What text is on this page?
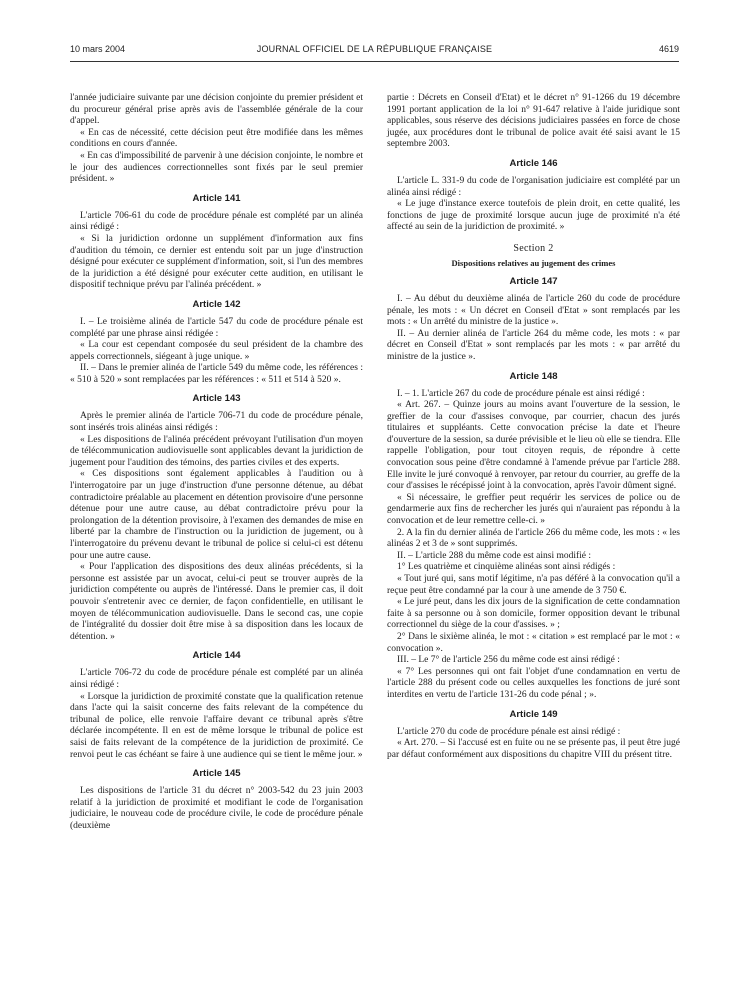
10 mars 2004	JOURNAL OFFICIEL DE LA RÉPUBLIQUE FRANÇAISE	4619

l'année judiciaire suivante par une décision conjointe du premier président et du procureur général prise après avis de l'assemblée générale de la cour d'appel.

« En cas de nécessité, cette décision peut être modifiée dans les mêmes conditions en cours d'année.

« En cas d'impossibilité de parvenir à une décision conjointe, le nombre et le jour des audiences correctionnelles sont fixés par le seul premier président. »

Article 141

L'article 706-61 du code de procédure pénale est complété par un alinéa ainsi rédigé :

« Si la juridiction ordonne un supplément d'information aux fins d'audition du témoin, ce dernier est entendu soit par un juge d'instruction désigné pour exécuter ce supplément d'information, soit, si l'un des membres de la juridiction a été désigné pour exécuter cette audition, en utilisant le dispositif technique prévu par l'alinéa précédent. »

Article 142

I. – Le troisième alinéa de l'article 547 du code de procédure pénale est complété par une phrase ainsi rédigée :

« La cour est cependant composée du seul président de la chambre des appels correctionnels, siégeant à juge unique. »

II. – Dans le premier alinéa de l'article 549 du même code, les références : « 510 à 520 » sont remplacées par les références : « 511 et 514 à 520 ».

Article 143

Après le premier alinéa de l'article 706-71 du code de procédure pénale, sont insérés trois alinéas ainsi rédigés :

« Les dispositions de l'alinéa précédent prévoyant l'utilisation d'un moyen de télécommunication audiovisuelle sont applicables devant la juridiction de jugement pour l'audition des témoins, des parties civiles et des experts.

« Ces dispositions sont également applicables à l'audition ou à l'interrogatoire par un juge d'instruction d'une personne détenue, au débat contradictoire préalable au placement en détention provisoire d'une personne détenue pour une autre cause, au débat contradictoire prévu pour la prolongation de la détention provisoire, à l'examen des demandes de mise en liberté par la chambre de l'instruction ou la juridiction de jugement, ou à l'interrogatoire du prévenu devant le tribunal de police si celui-ci est détenu pour une autre cause.

« Pour l'application des dispositions des deux alinéas précédents, si la personne est assistée par un avocat, celui-ci peut se trouver auprès de la juridiction compétente ou auprès de l'intéressé. Dans le premier cas, il doit pouvoir s'entretenir avec ce dernier, de façon confidentielle, en utilisant le moyen de télécommunication audiovisuelle. Dans le second cas, une copie de l'intégralité du dossier doit être mise à sa disposition dans les locaux de détention. »

Article 144

L'article 706-72 du code de procédure pénale est complété par un alinéa ainsi rédigé :

« Lorsque la juridiction de proximité constate que la qualification retenue dans l'acte qui la saisit concerne des faits relevant de la compétence du tribunal de police, elle renvoie l'affaire devant ce tribunal après s'être déclarée incompétente. Il en est de même lorsque le tribunal de police est saisi de faits relevant de la compétence de la juridiction de proximité. Ce renvoi peut le cas échéant se faire à une audience qui se tient le même jour. »

Article 145

Les dispositions de l'article 31 du décret n° 2003-542 du 23 juin 2003 relatif à la juridiction de proximité et modifiant le code de l'organisation judiciaire, le nouveau code de procédure civile, le code de procédure pénale (deuxième

partie : Décrets en Conseil d'Etat) et le décret n° 91-1266 du 19 décembre 1991 portant application de la loi n° 91-647 relative à l'aide juridique sont applicables, sous réserve des décisions judiciaires passées en force de chose jugée, aux procédures dont le tribunal de police avait été saisi avant le 15 septembre 2003.

Article 146

L'article L. 331-9 du code de l'organisation judiciaire est complété par un alinéa ainsi rédigé :

« Le juge d'instance exerce toutefois de plein droit, en cette qualité, les fonctions de juge de proximité lorsque aucun juge de proximité n'a été affecté au sein de la juridiction de proximité. »

Section 2
Dispositions relatives au jugement des crimes
Article 147

I. – Au début du deuxième alinéa de l'article 260 du code de procédure pénale, les mots : « Un décret en Conseil d'Etat » sont remplacés par les mots : « Un arrêté du ministre de la justice ».

II. – Au dernier alinéa de l'article 264 du même code, les mots : « par décret en Conseil d'Etat » sont remplacés par les mots : « par arrêté du ministre de la justice ».

Article 148

I. – 1. L'article 267 du code de procédure pénale est ainsi rédigé :

« Art. 267. – Quinze jours au moins avant l'ouverture de la session, le greffier de la cour d'assises convoque, par courrier, chacun des jurés titulaires et suppléants. Cette convocation précise la date et l'heure d'ouverture de la session, sa durée prévisible et le lieu où elle se tiendra. Elle rappelle l'obligation, pour tout citoyen requis, de répondre à cette convocation sous peine d'être condamné à l'amende prévue par l'article 288. Elle invite le juré convoqué à renvoyer, par retour du courrier, au greffe de la cour d'assises le récépissé joint à la convocation, après l'avoir dûment signé.

« Si nécessaire, le greffier peut requérir les services de police ou de gendarmerie aux fins de rechercher les jurés qui n'auraient pas répondu à la convocation et de leur remettre celle-ci. »

2. A la fin du dernier alinéa de l'article 266 du même code, les mots : « les alinéas 2 et 3 de » sont supprimés.

II. – L'article 288 du même code est ainsi modifié :

1° Les quatrième et cinquième alinéas sont ainsi rédigés :

« Tout juré qui, sans motif légitime, n'a pas déféré à la convocation qu'il a reçue peut être condamné par la cour à une amende de 3 750 €.

« Le juré peut, dans les dix jours de la signification de cette condamnation faite à sa personne ou à son domicile, former opposition devant le tribunal correctionnel du siège de la cour d'assises. » ;

2° Dans le sixième alinéa, le mot : « citation » est remplacé par le mot : « convocation ».

III. – Le 7° de l'article 256 du même code est ainsi rédigé :

« 7° Les personnes qui ont fait l'objet d'une condamnation en vertu de l'article 288 du présent code ou celles auxquelles les fonctions de juré sont interdites en vertu de l'article 131-26 du code pénal ; ».

Article 149

L'article 270 du code de procédure pénale est ainsi rédigé :

« Art. 270. – Si l'accusé est en fuite ou ne se présente pas, il peut être jugé par défaut conformément aux dispositions du chapitre VIII du présent titre.
